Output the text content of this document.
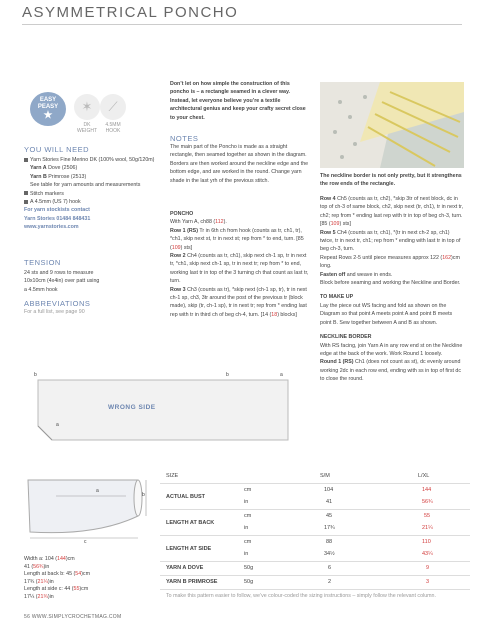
ASYMMETRICAL PONCHO
EASY PEASY
★
✶
DK
WEIGHT
⟋
4.5MM
HOOK
YOU WILL NEED
Yarn Stories Fine Merino DK (100% wool, 50g/120m)
Yarn A Dove (2506)
Yarn B Primrose (2513)
See table for yarn amounts and measurements
Stitch markers
A 4.5mm (US 7) hook
For yarn stockists contact
Yarn Stories 01484 848431
www.yarnstories.com
TENSION
24 sts and 9 rows to measure
10x10cm (4x4in) over patt using
a 4.5mm hook
ABBREVIATIONS
For a full list, see page 90
Don’t let on how simple the construction of this poncho is – a rectangle seamed in a clever way. Instead, let everyone believe you’re a textile architectural genius and keep your crafty secret close to your chest.
NOTES
The main part of the Poncho is made as a straight rectangle, then seamed together as shown in the diagram. Borders are then worked around the neckline edge and the bottom edge, and are worked in the round. Change yarn shade in the last yrh of the previous stitch.
PONCHO

With Yarn A, ch88 (112).

Row 1 (RS) Tr in 6th ch from hook (counts as tr, ch1, tr), *ch1, skip next st, tr in next st; rep from * to end, turn. [85 (109) sts]

Row 2 Ch4 (counts as tr, ch1), skip next ch-1 sp, tr in next tr, *ch1, skip next ch-1 sp, tr in next tr; rep from * to end, working last tr in top of the 3 turning ch that count as last tr, turn.

Row 3 Ch3 (counts as tr), *skip next (ch-1 sp, tr), tr in next ch-1 sp, ch3, 3tr around the post of the previous tr (block made), skip (tr, ch-1 sp), tr in next tr; rep from * ending last rep with tr in third ch of beg ch-4, turn. [14 (18) blocks]

The neckline border is not only pretty, but it strengthens the row ends of the rectangle.

Row 4 Ch5 (counts as tr, ch2), *skip 3tr of next block, dc in top of ch-3 of same block, ch2, skip next (tr, ch1), tr in next tr, ch2; rep from * ending last rep with tr in top of beg ch-3, turn. [85 (109) sts]

Row 5 Ch4 (counts as tr, ch1), *(tr in next ch-2 sp, ch1) twice, tr in next tr, ch1; rep from * ending with last tr in top of beg ch-3, turn.

Repeat Rows 2-5 until piece measures approx 122 (162)cm long.

Fasten off and weave in ends.

Block before seaming and working the Neckline and Border.

TO MAKE UP

Lay the piece out WS facing and fold as shown on the Diagram so that point A meets point A and point B meets point B. Sew together between A and B as shown.

NECKLINE BORDER

With RS facing, join Yarn A in any row end st on the Neckline edge at the back of the work. Work Round 1 loosely.

Round 1 (RS) Ch1 (does not count as st), dc evenly around working 2dc in each row end, ending with ss in top of first dc to close the round.

b	b	a
a
WRONG SIDE
a
b
c
Width a: 104 (144)cm
41 (56¾)in
Length at back b: 45 (54)cm
17¾ (21¼)in
Length at side c: 44 (55)cm
17¼ (21¾)in
SIZE	S/M	L/XL
ACTUAL BUST
cm	104	144
in	41	56¾
LENGTH AT BACK
cm	45	55
in	17¾	21¼
LENGTH AT SIDE
cm	88	110
in	34½	43¼
YARN A DOVE	50g	6	9
YARN B PRIMROSE	50g	2	3
To make this pattern easier to follow, we’ve colour-coded the sizing instructions – simply follow the relevant column.
56 WWW.SIMPLYCROCHETMAG.COM
